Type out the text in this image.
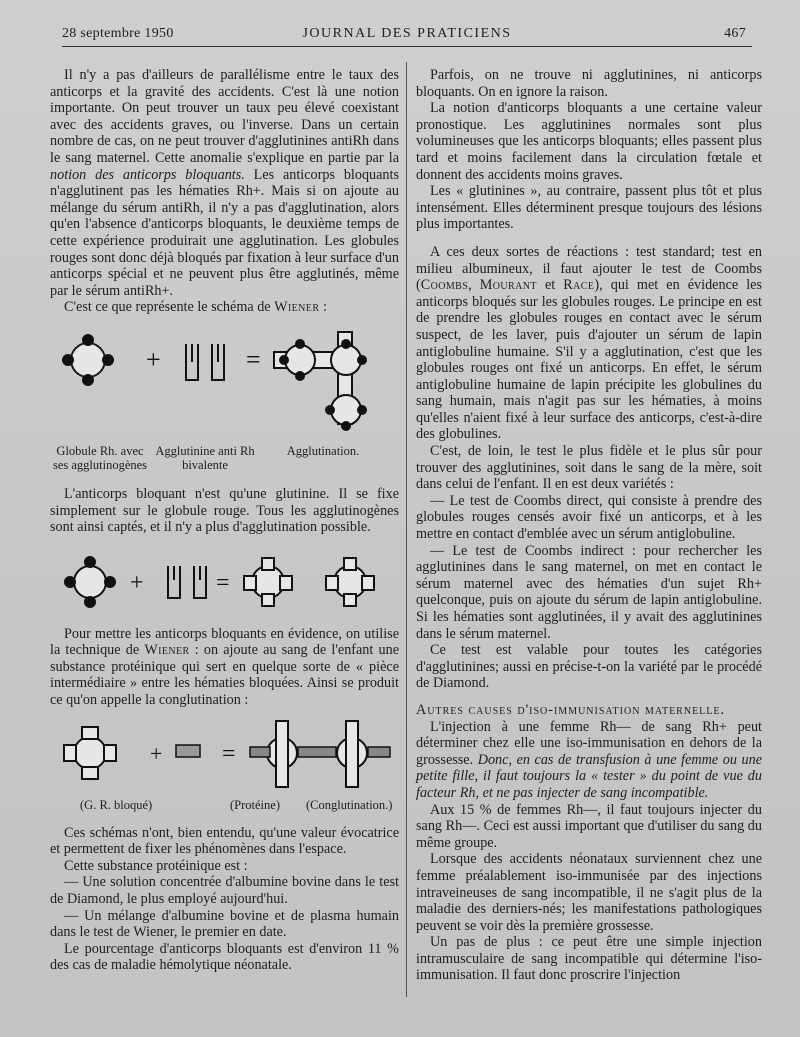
28 septembre 1950	JOURNAL DES PRATICIENS	467

Il n'y a pas d'ailleurs de parallélisme entre le taux des anticorps et la gravité des accidents. C'est là une notion importante. On peut trouver un taux peu élevé coexistant avec des accidents graves, ou l'inverse. Dans un certain nombre de cas, on ne peut trouver d'agglutinines antiRh dans le sang maternel. Cette anomalie s'explique en partie par la notion des anticorps bloquants. Les anticorps bloquants n'agglutinent pas les hématies Rh+. Mais si on ajoute au mélange du sérum antiRh, il n'y a pas d'agglutination, alors qu'en l'absence d'anticorps bloquants, le deuxième temps de cette expérience produirait une agglutination. Les globules rouges sont donc déjà bloqués par fixation à leur surface d'un anticorps spécial et ne peuvent plus être agglutinés, même par le sérum antiRh+.

C'est ce que représente le schéma de Wiener :

+	=
Globule Rh. avec ses agglutinogènes
Agglutinine anti Rh bivalente
Agglutination.

L'anticorps bloquant n'est qu'une glutinine. Il se fixe simplement sur le globule rouge. Tous les agglutinogènes sont ainsi captés, et il n'y a plus d'agglutination possible.

+	=

Pour mettre les anticorps bloquants en évidence, on utilise la technique de Wiener : on ajoute au sang de l'enfant une substance protéinique qui sert en quelque sorte de « pièce intermédiaire » entre les hématies bloquées. Ainsi se produit ce qu'on appelle la conglutination :

+ =
(G. R. bloqué)	(Protéine) (Conglutination.)

Ces schémas n'ont, bien entendu, qu'une valeur évocatrice et permettent de fixer les phénomènes dans l'espace.

Cette substance protéinique est :

— Une solution concentrée d'albumine bovine dans le test de Diamond, le plus employé aujourd'hui.

— Un mélange d'albumine bovine et de plasma humain dans le test de Wiener, le premier en date.

Le pourcentage d'anticorps bloquants est d'environ 11 % des cas de maladie hémolytique néonatale.

Parfois, on ne trouve ni agglutinines, ni anticorps bloquants. On en ignore la raison.

La notion d'anticorps bloquants a une certaine valeur pronostique. Les agglutinines normales sont plus volumineuses que les anticorps bloquants; elles passent plus tard et moins facilement dans la circulation fœtale et donnent des accidents moins graves.

Les « glutinines », au contraire, passent plus tôt et plus intensément. Elles déterminent presque toujours des lésions plus importantes.

A ces deux sortes de réactions : test standard; test en milieu albumineux, il faut ajouter le test de Coombs (Coombs, Mourant et Race), qui met en évidence les anticorps bloqués sur les globules rouges. Le principe en est de prendre les globules rouges en contact avec le sérum suspect, de les laver, puis d'ajouter un sérum de lapin antiglobuline humaine. S'il y a agglutination, c'est que les globules rouges ont fixé un anticorps. En effet, le sérum antiglobuline humaine de lapin précipite les globulines du sang humain, mais n'agit pas sur les hématies, à moins qu'elles n'aient fixé à leur surface des anticorps, c'est-à-dire des globulines.

C'est, de loin, le test le plus fidèle et le plus sûr pour trouver des agglutinines, soit dans le sang de la mère, soit dans celui de l'enfant. Il en est deux variétés :

— Le test de Coombs direct, qui consiste à prendre des globules rouges censés avoir fixé un anticorps, et à les mettre en contact d'emblée avec un sérum antiglobuline.

— Le test de Coombs indirect : pour rechercher les agglutinines dans le sang maternel, on met en contact le sérum maternel avec des hématies d'un sujet Rh+ quelconque, puis on ajoute du sérum de lapin antiglobuline. Si les hématies sont agglutinées, il y avait des agglutinines dans le sérum maternel.

Ce test est valable pour toutes les catégories d'agglutinines; aussi en précise-t-on la variété par le procédé de Diamond.

Autres causes d'iso-immunisation maternelle.

L'injection à une femme Rh— de sang Rh+ peut déterminer chez elle une iso-immunisation en dehors de la grossesse. Donc, en cas de transfusion à une femme ou une petite fille, il faut toujours la « tester » du point de vue du facteur Rh, et ne pas injecter de sang incompatible.

Aux 15 % de femmes Rh—, il faut toujours injecter du sang Rh—. Ceci est aussi important que d'utiliser du sang du même groupe.

Lorsque des accidents néonataux surviennent chez une femme préalablement iso-immunisée par des injections intraveineuses de sang incompatible, il ne s'agit plus de la maladie des derniers-nés; les manifestations pathologiques peuvent se voir dès la première grossesse.

Un pas de plus : ce peut être une simple injection intramusculaire de sang incompatible qui détermine l'iso-immunisation. Il faut donc proscrire l'injection
